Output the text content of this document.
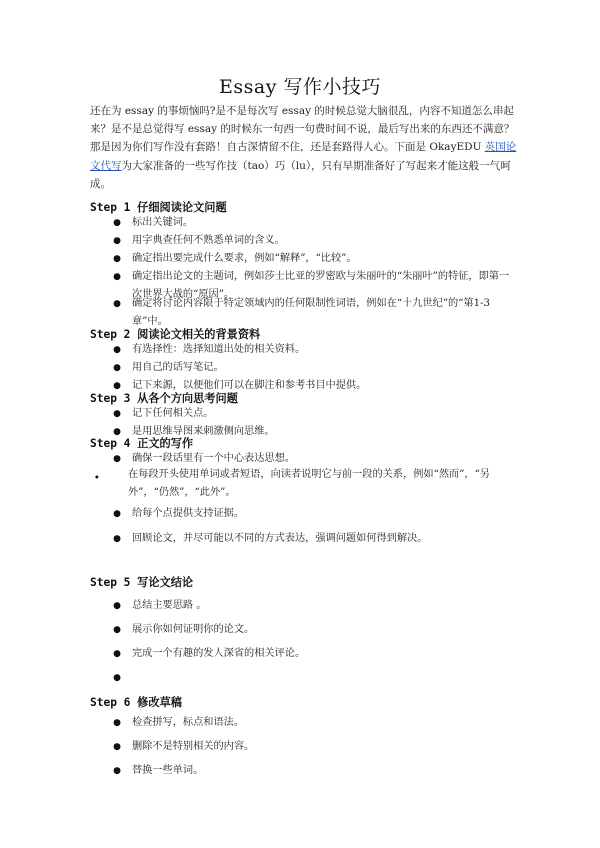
Essay 写作小技巧
还在为 essay 的事烦恼吗?是不是每次写 essay 的时候总觉大脑很乱，内容不知道怎么串起来？是不是总觉得写 essay 的时候东一句西一句费时间不说，最后写出来的东西还不满意？那是因为你们写作没有套路！自古深情留不住，还是套路得人心。下面是 OkayEDU 英国论文代写为大家准备的一些写作技（tao）巧（lu），只有早期准备好了写起来才能这般一气呵成。
Step 1 仔细阅读论文问题
●	标出关键词。
●	用字典查任何不熟悉单词的含义。
●	确定指出要完成什么要求，例如“解释”，“比较”。
●	确定指出论文的主题词，例如莎士比亚的罗密欧与朱丽叶的“朱丽叶”的特征，即第一次世界大战的“原因”。
●	确定将讨论内容限于特定领域内的任何限制性词语，例如在“十九世纪”的“第1-3 章”中。
Step 2 阅读论文相关的背景资料
●	有选择性：选择知道出处的相关资料。
●	用自己的话写笔记。
●	记下来源，以便他们可以在脚注和参考书目中提供。
Step 3 从各个方向思考问题
●	记下任何相关点。
●	是用思维导图来刺激侧向思维。
Step 4 正文的写作
●	确保一段话里有一个中心表达思想。
●	在每段开头使用单词或者短语，向读者说明它与前一段的关系，例如“然而”，“另外”，“仍然”，“此外”。
●	给每个点提供支持证据。
●	回顾论文，并尽可能以不同的方式表达，强调问题如何得到解决。
Step 5 写论文结论
●	总结主要思路 。
●	展示你如何证明你的论文。
●	完成一个有趣的发人深省的相关评论。
●
Step 6 修改草稿
●	检查拼写，标点和语法。
●	删除不是特别相关的内容。
●	替换一些单词。
